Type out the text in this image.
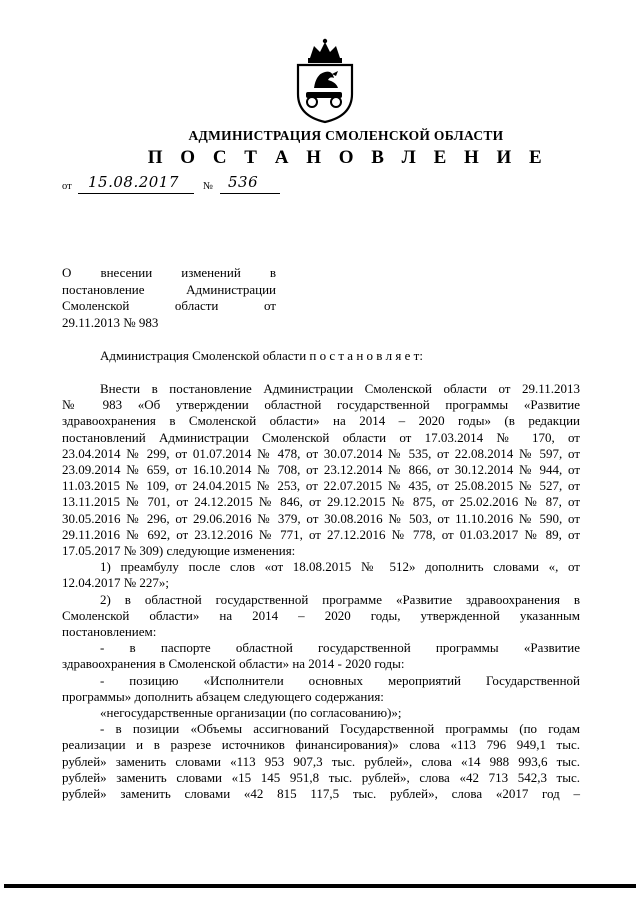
АДМИНИСТРАЦИЯ СМОЛЕНСКОЙ ОБЛАСТИ
П О С Т А Н О В Л Е Н И Е
от 15.08.2017 № 536
О внесении изменений в
постановление Администрации
Смоленской области от
29.11.2013 № 983
Администрация Смоленской области п о с т а н о в л я е т:
Внести в постановление Администрации Смоленской области от 29.11.2013
№ 983 «Об утверждении областной государственной программы «Развитие
здравоохранения в Смоленской области» на 2014 – 2020 годы» (в редакции
постановлений Администрации Смоленской области от 17.03.2014 № 170, от
23.04.2014 № 299, от 01.07.2014 № 478, от 30.07.2014 № 535, от 22.08.2014 № 597, от
23.09.2014 № 659, от 16.10.2014 № 708, от 23.12.2014 № 866, от 30.12.2014 № 944, от
11.03.2015 № 109, от 24.04.2015 № 253, от 22.07.2015 № 435, от 25.08.2015 № 527, от
13.11.2015 № 701, от 24.12.2015 № 846, от 29.12.2015 № 875, от 25.02.2016 № 87, от
30.05.2016 № 296, от 29.06.2016 № 379, от 30.08.2016 № 503, от 11.10.2016 № 590, от
29.11.2016 № 692, от 23.12.2016 № 771, от 27.12.2016 № 778, от 01.03.2017 № 89, от
17.05.2017 № 309) следующие изменения:
1) преамбулу после слов «от 18.08.2015 № 512» дополнить словами «, от
12.04.2017 № 227»;
2) в областной государственной программе «Развитие здравоохранения в
Смоленской области» на 2014 – 2020 годы, утвержденной указанным
постановлением:
- в паспорте областной государственной программы «Развитие
здравоохранения в Смоленской области» на 2014 - 2020 годы:
- позицию «Исполнители основных мероприятий Государственной
программы» дополнить абзацем следующего содержания:
«негосударственные организации (по согласованию)»;
- в позиции «Объемы ассигнований Государственной программы (по годам
реализации и в разрезе источников финансирования)» слова «113 796 949,1 тыс.
рублей» заменить словами «113 953 907,3 тыс. рублей», слова «14 988 993,6 тыс.
рублей» заменить словами «15 145 951,8 тыс. рублей», слова «42 713 542,3 тыс.
рублей» заменить словами «42 815 117,5 тыс. рублей», слова «2017 год –
